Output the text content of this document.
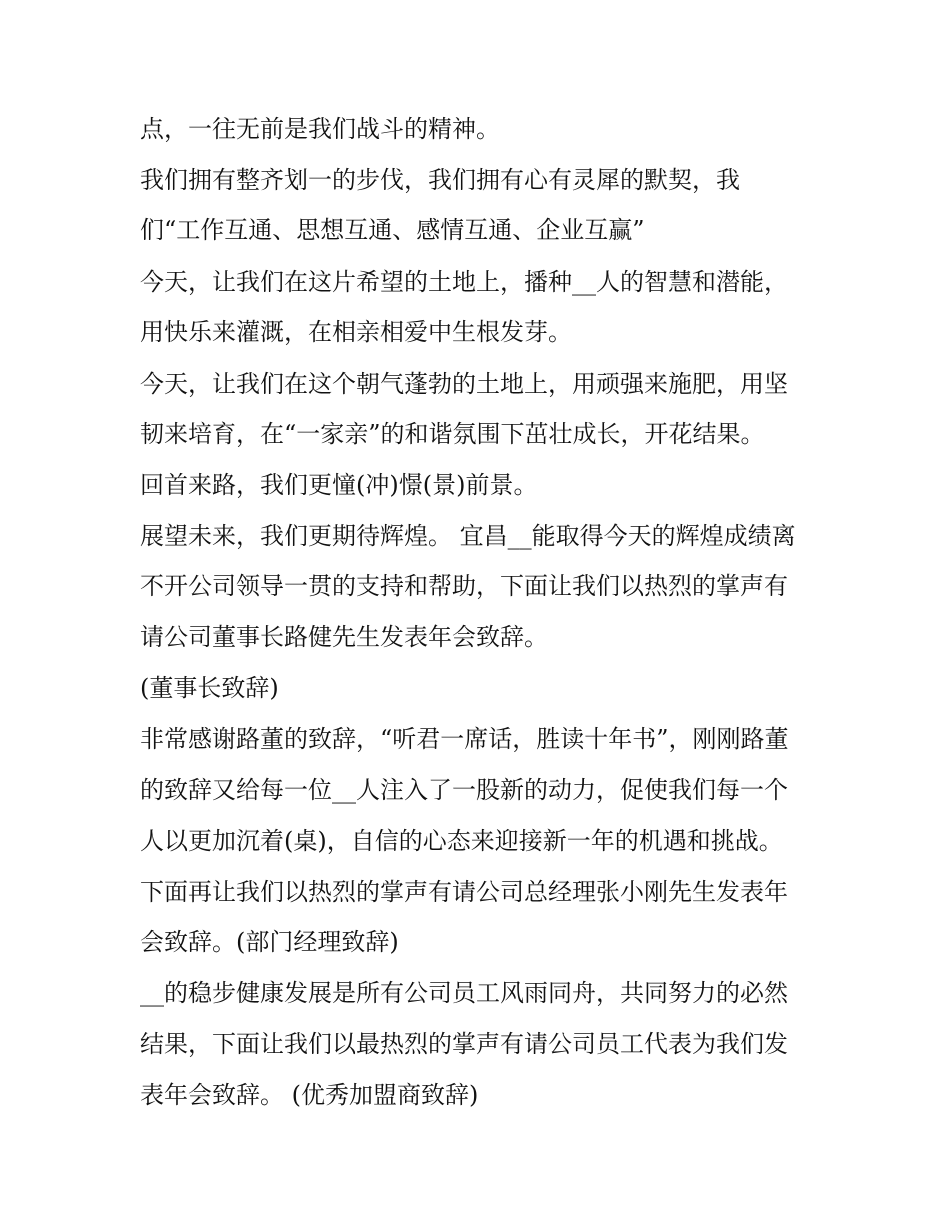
点，一往无前是我们战斗的精神。
我们拥有整齐划一的步伐，我们拥有心有灵犀的默契，我
们“工作互通、思想互通、感情互通、企业互赢”
今天，让我们在这片希望的土地上，播种__人的智慧和潜能，
用快乐来灌溉，在相亲相爱中生根发芽。
今天，让我们在这个朝气蓬勃的土地上，用顽强来施肥，用坚
韧来培育，在“一家亲”的和谐氛围下茁壮成长，开花结果。
回首来路，我们更憧(冲)憬(景)前景。
展望未来，我们更期待辉煌。 宜昌__能取得今天的辉煌成绩离
不开公司领导一贯的支持和帮助，下面让我们以热烈的掌声有
请公司董事长路健先生发表年会致辞。
(董事长致辞)
非常感谢路董的致辞，“听君一席话，胜读十年书”，刚刚路董
的致辞又给每一位__人注入了一股新的动力，促使我们每一个
人以更加沉着(桌)，自信的心态来迎接新一年的机遇和挑战。
下面再让我们以热烈的掌声有请公司总经理张小刚先生发表年
会致辞。(部门经理致辞)
__的稳步健康发展是所有公司员工风雨同舟，共同努力的必然
结果，下面让我们以最热烈的掌声有请公司员工代表为我们发
表年会致辞。 (优秀加盟商致辞)
